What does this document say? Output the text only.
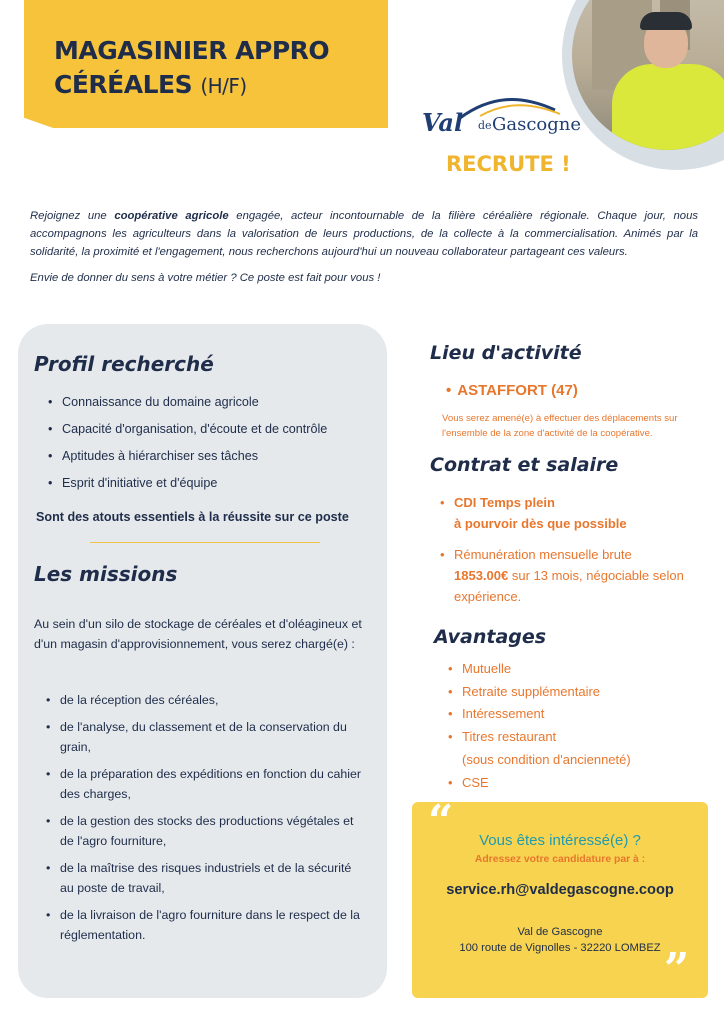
MAGASINIER APPRO
CÉRÉALES (H/F)
Val de Gascogne
RECRUTE !

Rejoignez une coopérative agricole engagée, acteur incontournable de la filière céréalière régionale. Chaque jour, nous accompagnons les agriculteurs dans la valorisation de leurs productions, de la collecte à la commercialisation. Animés par la solidarité, la proximité et l'engagement, nous recherchons aujourd'hui un nouveau collaborateur partageant ces valeurs.

Envie de donner du sens à votre métier ? Ce poste est fait pour vous !

Profil recherché
• Connaissance du domaine agricole
• Capacité d'organisation, d'écoute et de contrôle
• Aptitudes à hiérarchiser ses tâches
• Esprit d'initiative et d'équipe
Sont des atouts essentiels à la réussite sur ce poste
Les missions
Au sein d'un silo de stockage de céréales et d'oléagineux et d'un magasin d'approvisionnement, vous serez chargé(e) :
• de la réception des céréales,
• de l'analyse, du classement et de la conservation du grain,
• de la préparation des expéditions en fonction du cahier des charges,
• de la gestion des stocks des productions végétales et de l'agro fourniture,
• de la maîtrise des risques industriels et de la sécurité au poste de travail,
• de la livraison de l'agro fourniture dans le respect de la réglementation.
Lieu d'activité
• ASTAFFORT (47)
Vous serez amené(e) à effectuer des déplacements sur l'ensemble de la zone d'activité de la coopérative.
Contrat et salaire
• CDI Temps plein
à pourvoir dès que possible
• Rémunération mensuelle brute
1853.00€ sur 13 mois, négociable selon expérience.
Avantages
• Mutuelle
• Retraite supplémentaire
• Intéressement
• Titres restaurant
(sous condition d'ancienneté)
• CSE
“
”
Vous êtes intéressé(e) ?
Adressez votre candidature par à :
service.rh@valdegascogne.coop
Val de Gascogne
100 route de Vignolles - 32220 LOMBEZ
